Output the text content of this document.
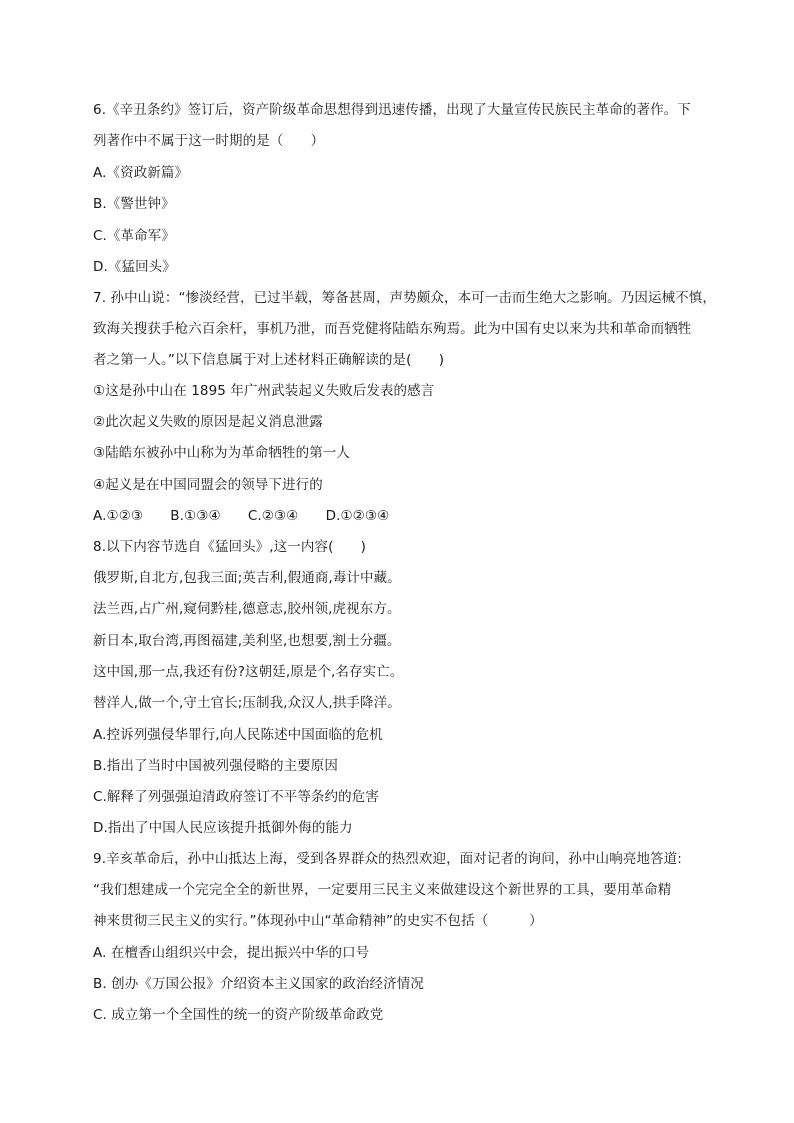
6.《辛丑条约》签订后，资产阶级革命思想得到迅速传播，出现了大量宣传民族民主革命的著作。下
列著作中不属于这一时期的是（　　）
A.《资政新篇》
B.《警世钟》
C.《革命军》
D.《猛回头》
7. 孙中山说：“惨淡经营，已过半载，筹备甚周，声势颇众，本可一击而生绝大之影响。乃因运械不慎，
致海关搜获手枪六百余杆，事机乃泄，而吾党健将陆皓东殉焉。此为中国有史以来为共和革命而牺牲
者之第一人。”以下信息属于对上述材料正确解读的是(　　)
①这是孙中山在 1895 年广州武装起义失败后发表的感言
②此次起义失败的原因是起义消息泄露
③陆皓东被孙中山称为为革命牺牲的第一人
④起义是在中国同盟会的领导下进行的
A.①②③　　B.①③④　　C.②③④　　D.①②③④
8.以下内容节选自《猛回头》,这一内容(　　)
俄罗斯,自北方,包我三面;英吉利,假通商,毒计中藏。
法兰西,占广州,窥伺黔桂,德意志,胶州领,虎视东方。
新日本,取台湾,再图福建,美利坚,也想要,割土分疆。
这中国,那一点,我还有份?这朝廷,原是个,名存实亡。
替洋人,做一个,守土官长;压制我,众汉人,拱手降洋。
A.控诉列强侵华罪行,向人民陈述中国面临的危机
B.指出了当时中国被列强侵略的主要原因
C.解释了列强强迫清政府签订不平等条约的危害
D.指出了中国人民应该提升抵御外侮的能力
9.辛亥革命后，孙中山抵达上海，受到各界群众的热烈欢迎，面对记者的询问，孙中山响亮地答道:
“我们想建成一个完完全全的新世界，一定要用三民主义来做建设这个新世界的工具，要用革命精
神来贯彻三民主义的实行。”体现孙中山“革命精神”的史实不包括（　　　）
A. 在檀香山组织兴中会，提出振兴中华的口号
B. 创办《万国公报》介绍资本主义国家的政治经济情况
C. 成立第一个全国性的统一的资产阶级革命政党
